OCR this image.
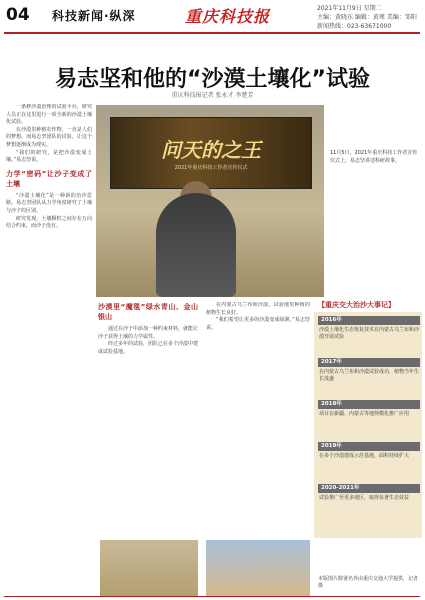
04 科技新闻·纵深	重庆科技报	2021年11月9日 星期二
主编：黄晓东 编辑：黄瑾 美编：邹阳
新闻热线：023-63671000
易志坚和他的“沙漠土壤化”试验
重庆科技报记者 张永才 李楚芳

一条修沙漠治理的试验平台，研究人员正在这里进行一项全新的沙漠土壤化试验。

在沙漠里种植农作物，一直是人们的梦想。而易志坚团队的试验，让这个梦想逐渐成为现实。

“我们的研究，是把沙漠变成土壤。”易志坚说。

力学“密码”让沙子变成了土壤

“沙漠土壤化”是一种新的治沙思路。易志坚团队从力学角度研究了土壤与沙子的区别。

研究发现，土壤颗粒之间存在万向结合约束，而沙子没有。

问天的之王
2021年重庆科技工作者宣传仪式
11月5日，2021年重庆科技工作者宣传仪式上，易志坚讲述科研故事。
沙漠里“魔毯”绿水青山、金山银山

通过在沙子中添加一种约束材料，就能让沙子获得土壤的力学属性。

经过多年的试验，团队已在多个沙漠中建成试验基地。

在内蒙古乌兰布和沙漠，试验地里种植的植物生长良好。

“我们希望让更多的沙漠变成绿洲。”易志坚说。

【重庆交大治沙大事记】
2016年
沙漠土壤化生态恢复技术在内蒙古乌兰布和沙漠开展试验
2017年
在内蒙古乌兰布和沙漠试验成功，植物当年生长茂盛
2018年
项目在新疆、内蒙古等地规模化推广应用
2019年
在多个沙漠建成示范基地，面积持续扩大
2020-2021年
试验推广至更多地区，取得显著生态效益
本版图片除署名外由重庆交通大学提供，记者摄
